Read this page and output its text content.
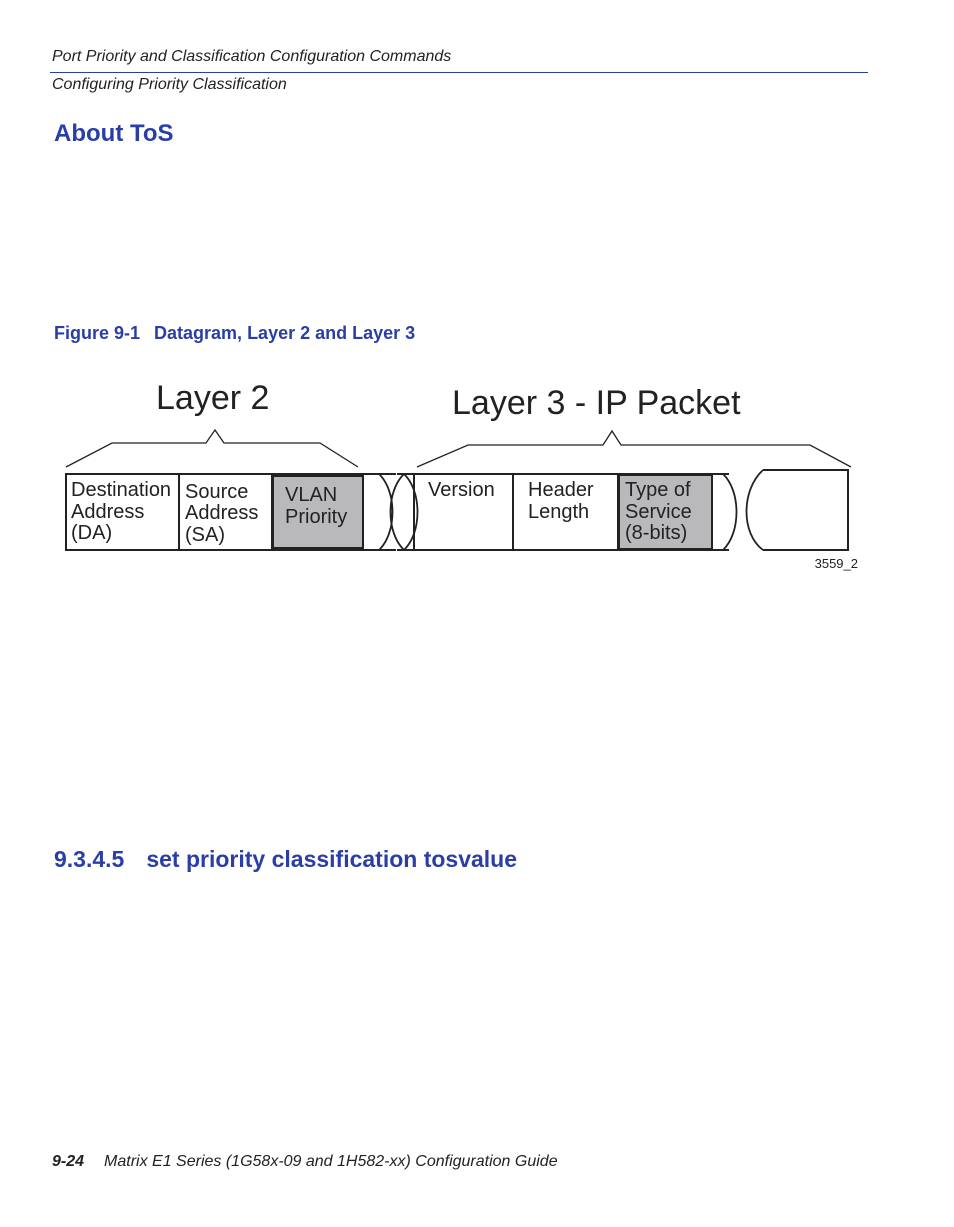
Port Priority and Classification Configuration Commands
Configuring Priority Classification
About ToS
Figure 9-1 Datagram, Layer 2 and Layer 3
Layer 2	Layer 3 - IP Packet
Destination Address (DA)
Source Address (SA)
VLAN Priority
Version Header Length
Type of Service (8-bits)
3559_2
9.3.4.5 set priority classification tosvalue
9-24 Matrix E1 Series (1G58x-09 and 1H582-xx) Configuration Guide
